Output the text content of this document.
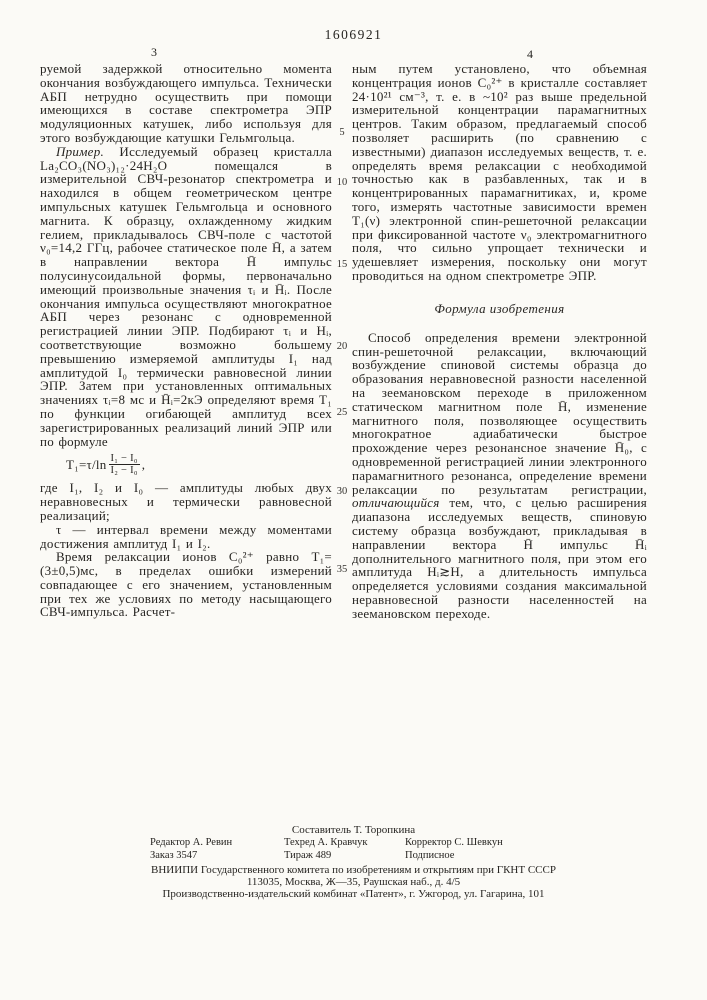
1606921
3	4

руемой задержкой относительно момента окончания возбуждающего импульса. Технически АБП нетрудно осуществить при помощи имеющихся в составе спектрометра ЭПР модуляционных катушек, либо используя для этого возбуждающие катушки Гельмгольца.

Пример. Исследуемый образец кристалла La₂CO₃(NO₃)₁₂·24H₂O помещался в измерительной СВЧ-резонатор спектрометра и находился в общем геометрическом центре импульсных катушек Гельмгольца и основного магнита. К образцу, охлажденному жидким гелием, прикладывалось СВЧ-поле с частотой ν₀=14,2 ГГц, рабочее статическое поле H̄, а затем в направлении вектора H̄ импульс полусинусоидальной формы, первоначально имеющий произвольные значения τᵢ и H̄ᵢ. После окончания импульса осуществляют многократное АБП через резонанс с одновременной регистрацией линии ЭПР. Подбирают τᵢ и Hᵢ, соответствующие возможно большему превышению измеряемой амплитуды I₁ над амплитудой I₀ термически равновесной линии ЭПР. Затем при установленных оптимальных значениях τᵢ=8 мс и H̄ᵢ=2кЭ определяют время T₁ по функции огибающей амплитуд всех зарегистрированных реализаций линий ЭПР или по формуле

$T_1=\tau/\ln \frac{\text{I₁ − I₀}}{\text{I₂ − I₀}}$ ,

где I₁, I₂ и I₀ — амплитуды любых двух неравновесных и термически равновесной реализаций;

τ — интервал времени между моментами достижения амплитуд I₁ и I₂.

Время релаксации ионов C₀²⁺ равно T₁=(3±0,5)мс, в пределах ошибки измерений совпадающее с его значением, установленным при тех же условиях по методу насыщающего СВЧ-импульса. Расчет-

5
10
15
20
25
30
35

ным путем установлено, что объемная концентрация ионов C₀²⁺ в кристалле составляет 24·10²¹ см⁻³, т. е. в ~10² раз выше предельной измерительной концентрации парамагнитных центров. Таким образом, предлагаемый способ позволяет расширить (по сравнению с известными) диапазон исследуемых веществ, т. е. определять время релаксации с необходимой точностью как в разбавленных, так и в концентрированных парамагнитиках, и, кроме того, измерять частотные зависимости времен T₁(ν) электронной спин-решеточной релаксации при фиксированной частоте ν₀ электромагнитного поля, что сильно упрощает технически и удешевляет измерения, поскольку они могут проводиться на одном спектрометре ЭПР.

Формула изобретения

Способ определения времени электронной спин-решеточной релаксации, включающий возбуждение спиновой системы образца до образования неравновесной разности населенной на зеемановском переходе в приложенном статическом магнитном поле H̄, изменение магнитного поля, позволяющее осуществить многократное адиабатически быстрое прохождение через резонансное значение H̄₀, с одновременной регистрацией линии электронного парамагнитного резонанса, определение времени релаксации по результатам регистрации, отличающийся тем, что, с целью расширения диапазона исследуемых веществ, спиновую систему образца возбуждают, прикладывая в направлении вектора H̄ импульс H̄ᵢ дополнительного магнитного поля, при этом его амплитуда Hᵢ≳H, а длительность импульса определяется условиями создания максимальной неравновесной разности населенностей на зеемановском переходе.

Составитель Т. Торопкина
Редактор А. Ревин	Техред А. Кравчук	Корректор С. Шевкун
Заказ 3547	Тираж 489	Подписное
ВНИИПИ Государственного комитета по изобретениям и открытиям при ГКНТ СССР
113035, Москва, Ж—35, Раушская наб., д. 4/5
Производственно-издательский комбинат «Патент», г. Ужгород, ул. Гагарина, 101
